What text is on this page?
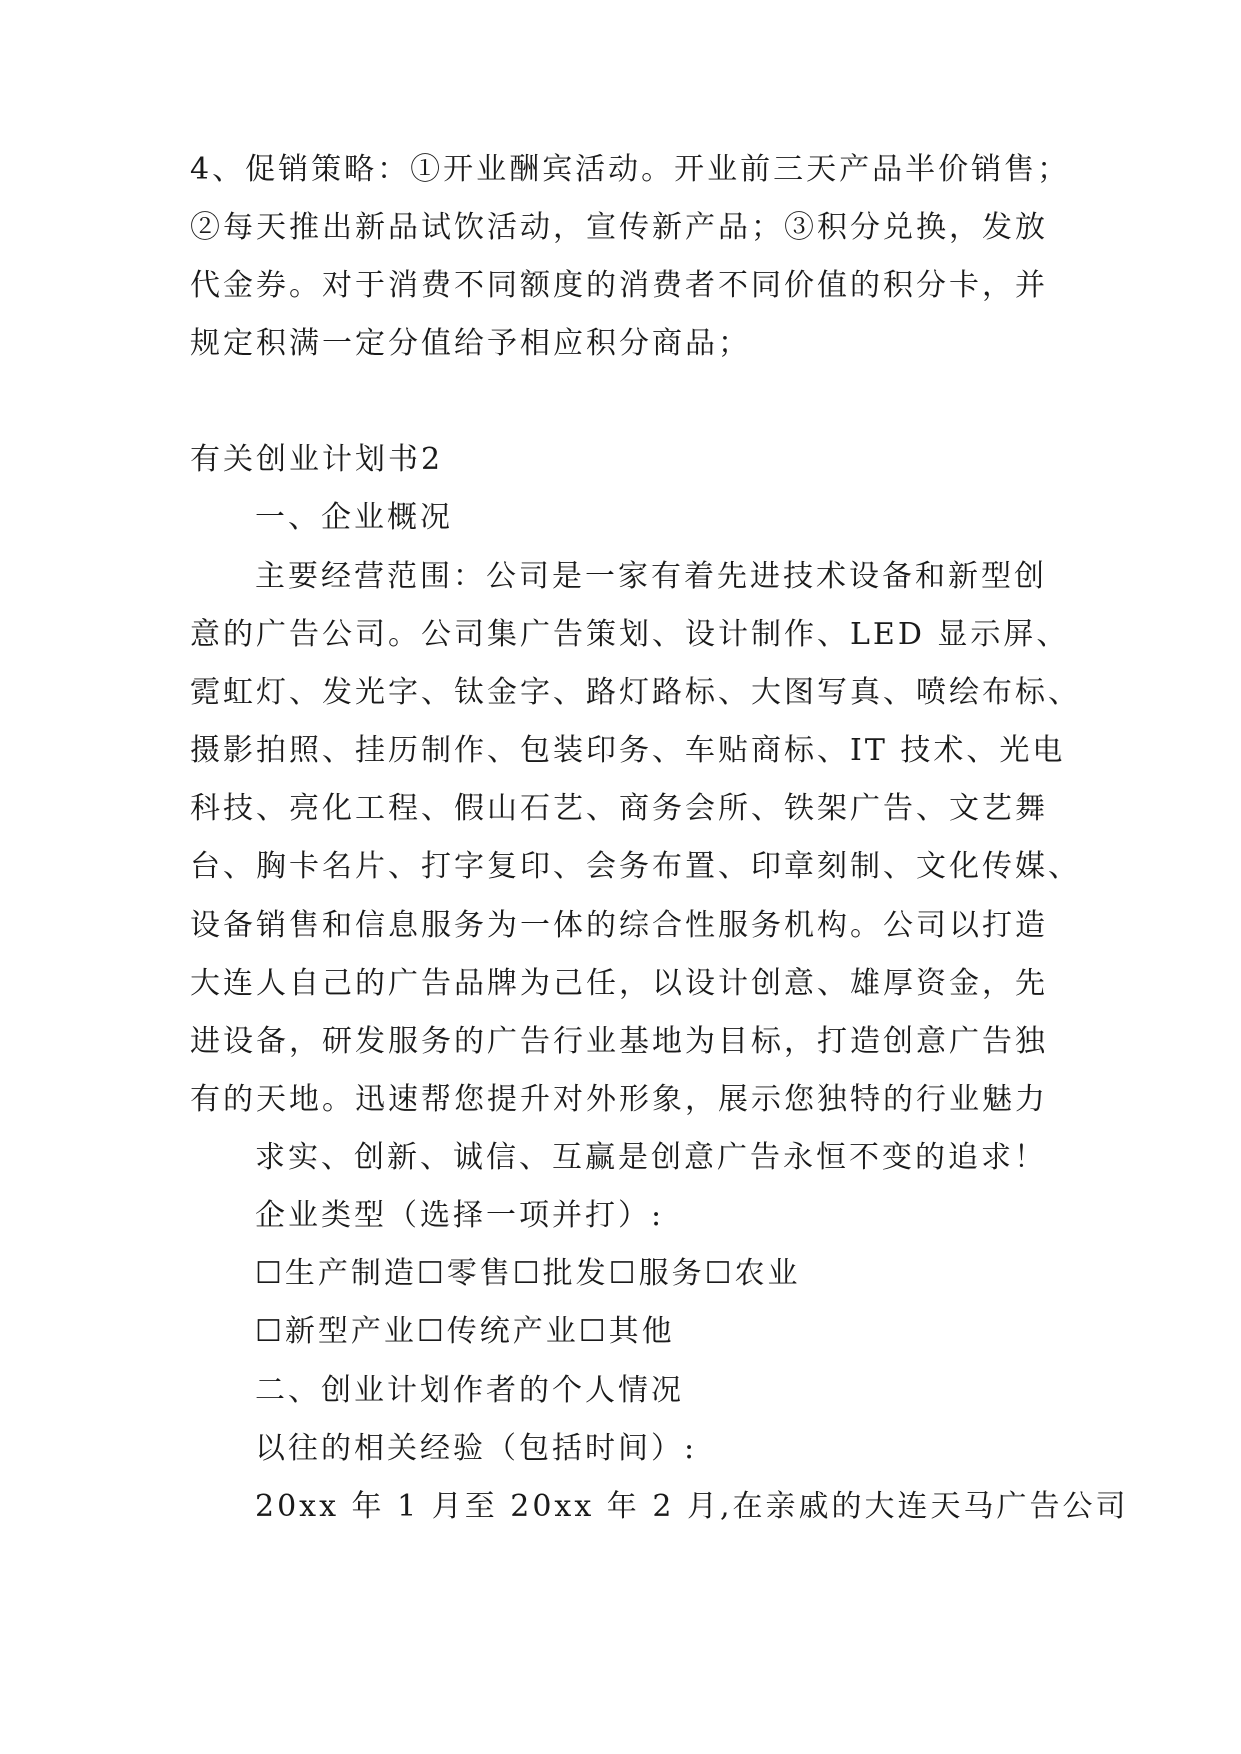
4、促销策略：①开业酬宾活动。开业前三天产品半价销售；
②每天推出新品试饮活动，宣传新产品；③积分兑换，发放
代金券。对于消费不同额度的消费者不同价值的积分卡，并
规定积满一定分值给予相应积分商品；
有关创业计划书2
一、企业概况
主要经营范围：公司是一家有着先进技术设备和新型创
意的广告公司。公司集广告策划、设计制作、LED 显示屏、
霓虹灯、发光字、钛金字、路灯路标、大图写真、喷绘布标、
摄影拍照、挂历制作、包装印务、车贴商标、IT 技术、光电
科技、亮化工程、假山石艺、商务会所、铁架广告、文艺舞
台、胸卡名片、打字复印、会务布置、印章刻制、文化传媒、
设备销售和信息服务为一体的综合性服务机构。公司以打造
大连人自己的广告品牌为己任，以设计创意、雄厚资金，先
进设备，研发服务的广告行业基地为目标，打造创意广告独
有的天地。迅速帮您提升对外形象，展示您独特的行业魅力
求实、创新、诚信、互赢是创意广告永恒不变的追求！
企业类型（选择一项并打）:
☐生产制造☐零售☐批发☐服务☐农业
☐新型产业☐传统产业☐其他
二、创业计划作者的个人情况
以往的相关经验（包括时间）:
20xx 年 1 月至 20xx 年 2 月,在亲戚的大连天马广告公司
